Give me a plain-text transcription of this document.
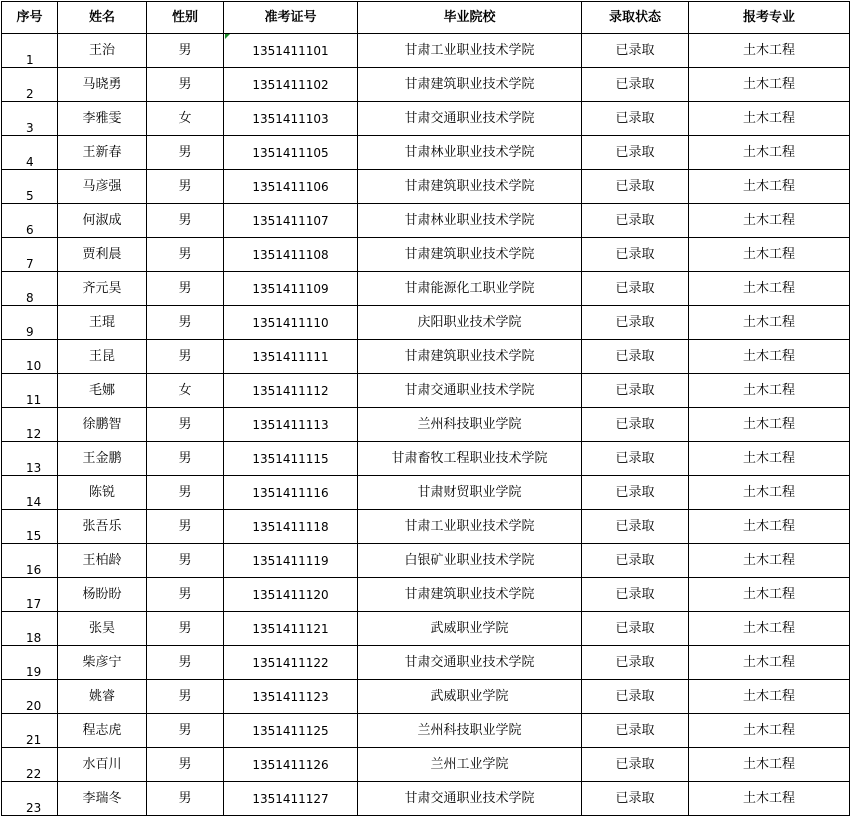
序号	姓名	性别	准考证号	毕业院校	录取状态	报考专业
1	王治	男	1351411101	甘肃工业职业技术学院	已录取	土木工程
2	马晓勇	男	1351411102	甘肃建筑职业技术学院	已录取	土木工程
3	李雅雯	女	1351411103	甘肃交通职业技术学院	已录取	土木工程
4	王新春	男	1351411105	甘肃林业职业技术学院	已录取	土木工程
5	马彦强	男	1351411106	甘肃建筑职业技术学院	已录取	土木工程
6	何淑成	男	1351411107	甘肃林业职业技术学院	已录取	土木工程
7	贾利晨	男	1351411108	甘肃建筑职业技术学院	已录取	土木工程
8	齐元昊	男	1351411109	甘肃能源化工职业学院	已录取	土木工程
9	王琨	男	1351411110	庆阳职业技术学院	已录取	土木工程
10	王昆	男	1351411111	甘肃建筑职业技术学院	已录取	土木工程
11	毛娜	女	1351411112	甘肃交通职业技术学院	已录取	土木工程
12	徐鹏智	男	1351411113	兰州科技职业学院	已录取	土木工程
13	王金鹏	男	1351411115	甘肃畜牧工程职业技术学院	已录取	土木工程
14	陈锐	男	1351411116	甘肃财贸职业学院	已录取	土木工程
15	张吾乐	男	1351411118	甘肃工业职业技术学院	已录取	土木工程
16	王柏龄	男	1351411119	白银矿业职业技术学院	已录取	土木工程
17	杨盼盼	男	1351411120	甘肃建筑职业技术学院	已录取	土木工程
18	张昊	男	1351411121	武威职业学院	已录取	土木工程
19	柴彦宁	男	1351411122	甘肃交通职业技术学院	已录取	土木工程
20	姚睿	男	1351411123	武威职业学院	已录取	土木工程
21	程志虎	男	1351411125	兰州科技职业学院	已录取	土木工程
22	水百川	男	1351411126	兰州工业学院	已录取	土木工程
23	李瑞冬	男	1351411127	甘肃交通职业技术学院	已录取	土木工程
